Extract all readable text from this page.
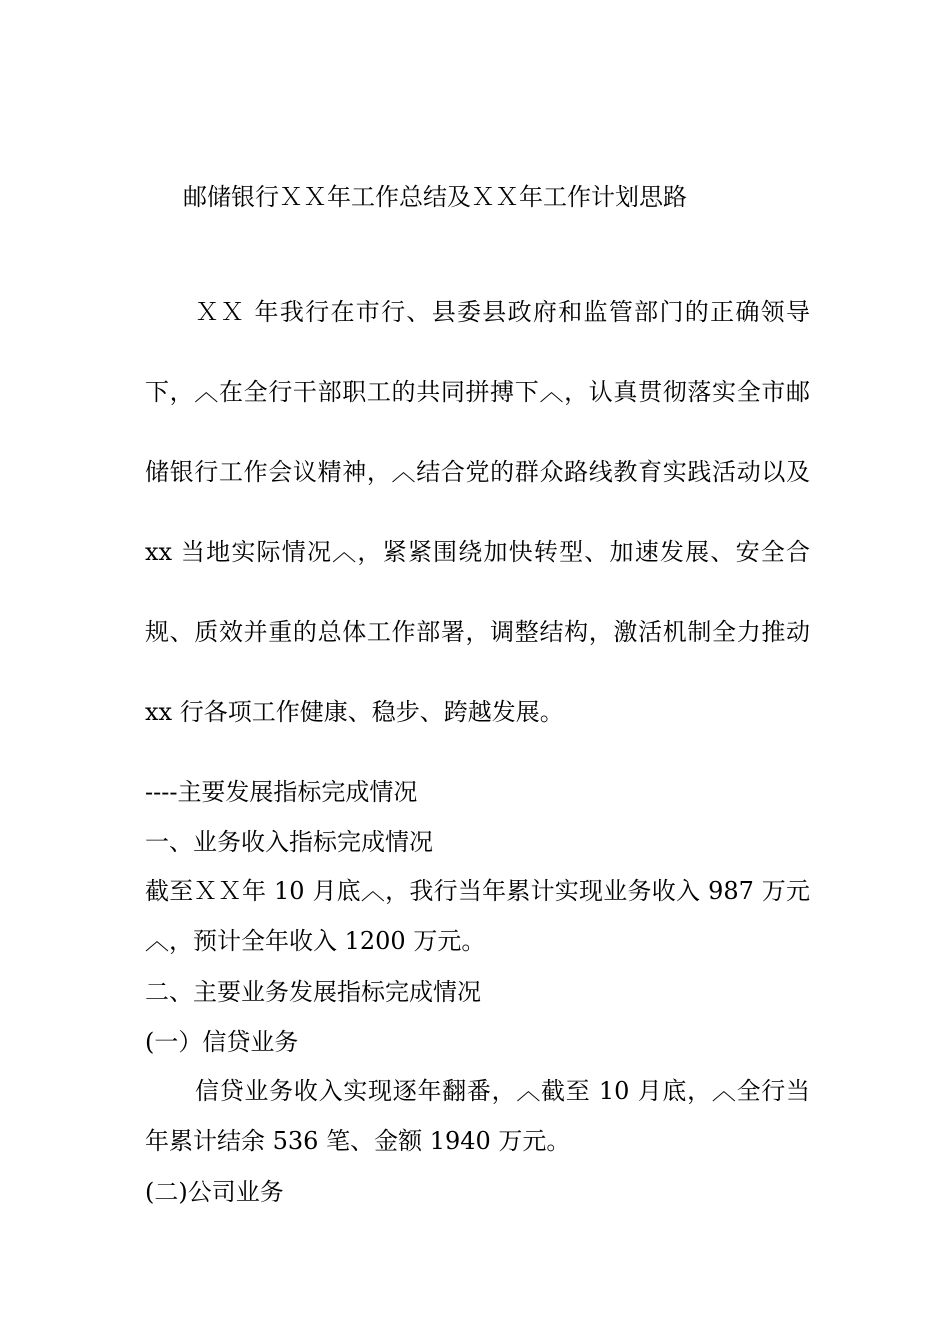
邮储银行ＸＸ年工作总结及ＸＸ年工作计划思路

ＸＸ 年我行在市行、县委县政府和监管部门的正确领导下，︿在全行干部职工的共同拼搏下︿，认真贯彻落实全市邮储银行工作会议精神，︿结合党的群众路线教育实践活动以及 xx 当地实际情况︿，紧紧围绕加快转型、加速发展、安全合规、质效并重的总体工作部署，调整结构，激活机制全力推动 xx 行各项工作健康、稳步、跨越发展。

----主要发展指标完成情况
一、业务收入指标完成情况

截至ＸＸ年 10 月底︿，我行当年累计实现业务收入 987 万元︿，预计全年收入 1200 万元。

二、主要业务发展指标完成情况
(一）信贷业务

信贷业务收入实现逐年翻番，︿截至 10 月底，︿全行当年累计结余 536 笔、金额 1940 万元。

(二)公司业务
